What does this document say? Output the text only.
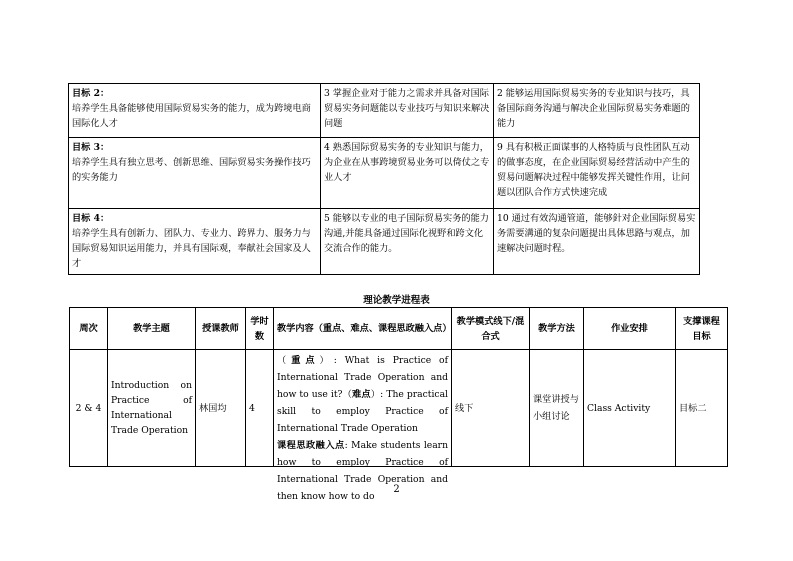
目标 2：
培养学生具备能够使用国际贸易实务的能力，成为跨境电商国际化人才	3 掌握企业对于能力之需求并具备对国际贸易实务问题能以专业技巧与知识来解决问题	2 能够运用国际贸易实务的专业知识与技巧，具备国际商务沟通与解决企业国际贸易实务难题的能力

目标 3：
培养学生具有独立思考、创新思维、国际贸易实务操作技巧的实务能力	4 熟悉国际贸易实务的专业知识与能力，为企业在从事跨境贸易业务可以倚仗之专业人才	9 具有积极正面谋事的人格特质与良性团队互动的做事态度，在企业国际贸易经营活动中产生的贸易问题解决过程中能够发挥关键性作用，让问题以团队合作方式快速完成

目标 4：
培养学生具有创新力、团队力、专业力、跨界力、服务力与国际贸易知识运用能力，并具有国际观，奉献社会国家及人才	5 能够以专业的电子国际贸易实务的能力沟通,并能具备通过国际化视野和跨文化交流合作的能力。	10 通过有效沟通管道，能够針对企业国际贸易实务需要溝通的复杂问题提出具体思路与观点，加速解决问题时程。
理论教学进程表
周次	教学主题	授课教师	学时数	教学内容（重点、难点、课程思政融入点）	教学模式线下/混合式	教学方法	作业安排	支撑课程目标
2 & 4	Introduction on Practice of International Trade Operation	林国均	4	（重点）: What is Practice of International Trade Operation and how to use it?（难点）: The practical skill to employ Practice of International Trade Operation
课程思政融入点: Make students learn how to employ Practice of International Trade Operation and then know how to do	线下	课堂讲授与小组讨论	Class Activity	目标二
2
